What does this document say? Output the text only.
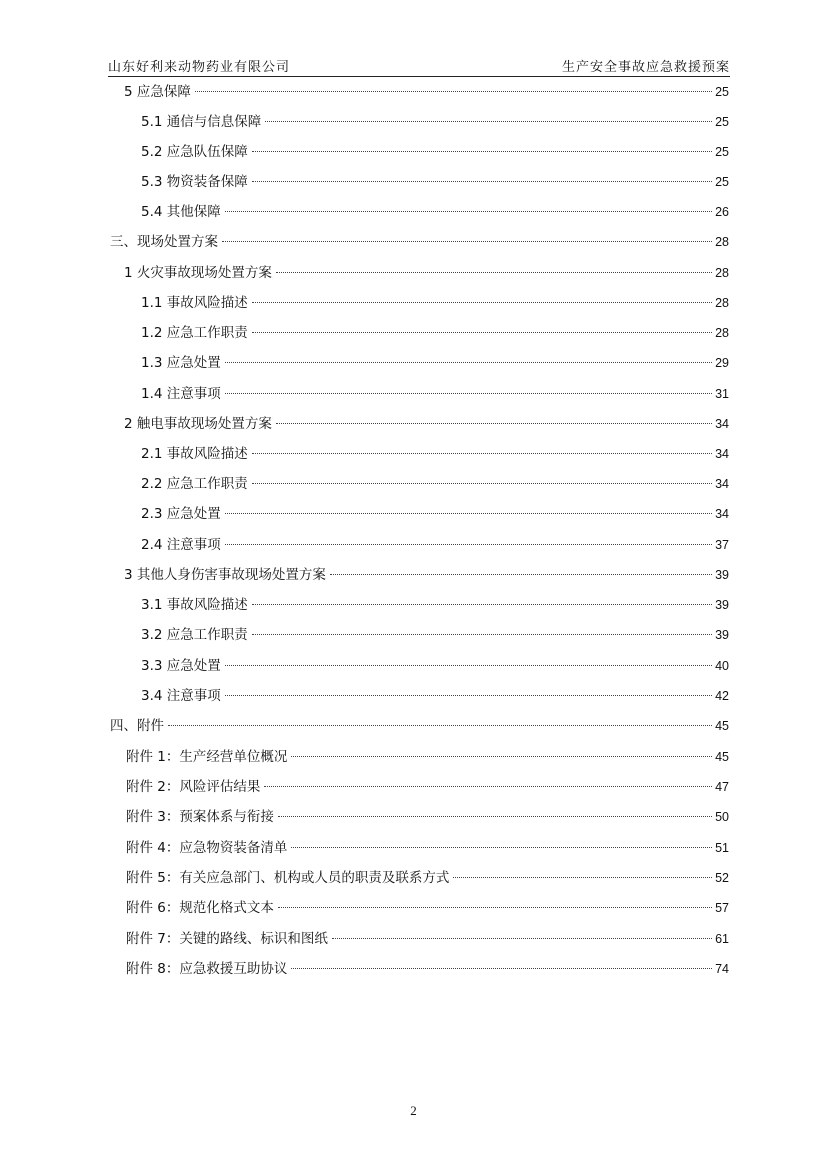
山东好利来动物药业有限公司	生产安全事故应急救援预案
5 应急保障	25
5.1 通信与信息保障	25
5.2 应急队伍保障	25
5.3 物资装备保障	25
5.4 其他保障	26
三、现场处置方案	28
1 火灾事故现场处置方案	28
1.1 事故风险描述	28
1.2 应急工作职责	28
1.3 应急处置	29
1.4 注意事项	31
2 触电事故现场处置方案	34
2.1 事故风险描述	34
2.2 应急工作职责	34
2.3 应急处置	34
2.4 注意事项	37
3 其他人身伤害事故现场处置方案	39
3.1 事故风险描述	39
3.2 应急工作职责	39
3.3 应急处置	40
3.4 注意事项	42
四、附件	45
附件 1：生产经营单位概况	45
附件 2：风险评估结果	47
附件 3：预案体系与衔接	50
附件 4：应急物资装备清单	51
附件 5：有关应急部门、机构或人员的职责及联系方式	52
附件 6：规范化格式文本	57
附件 7：关键的路线、标识和图纸	61
附件 8：应急救援互助协议	74
2
